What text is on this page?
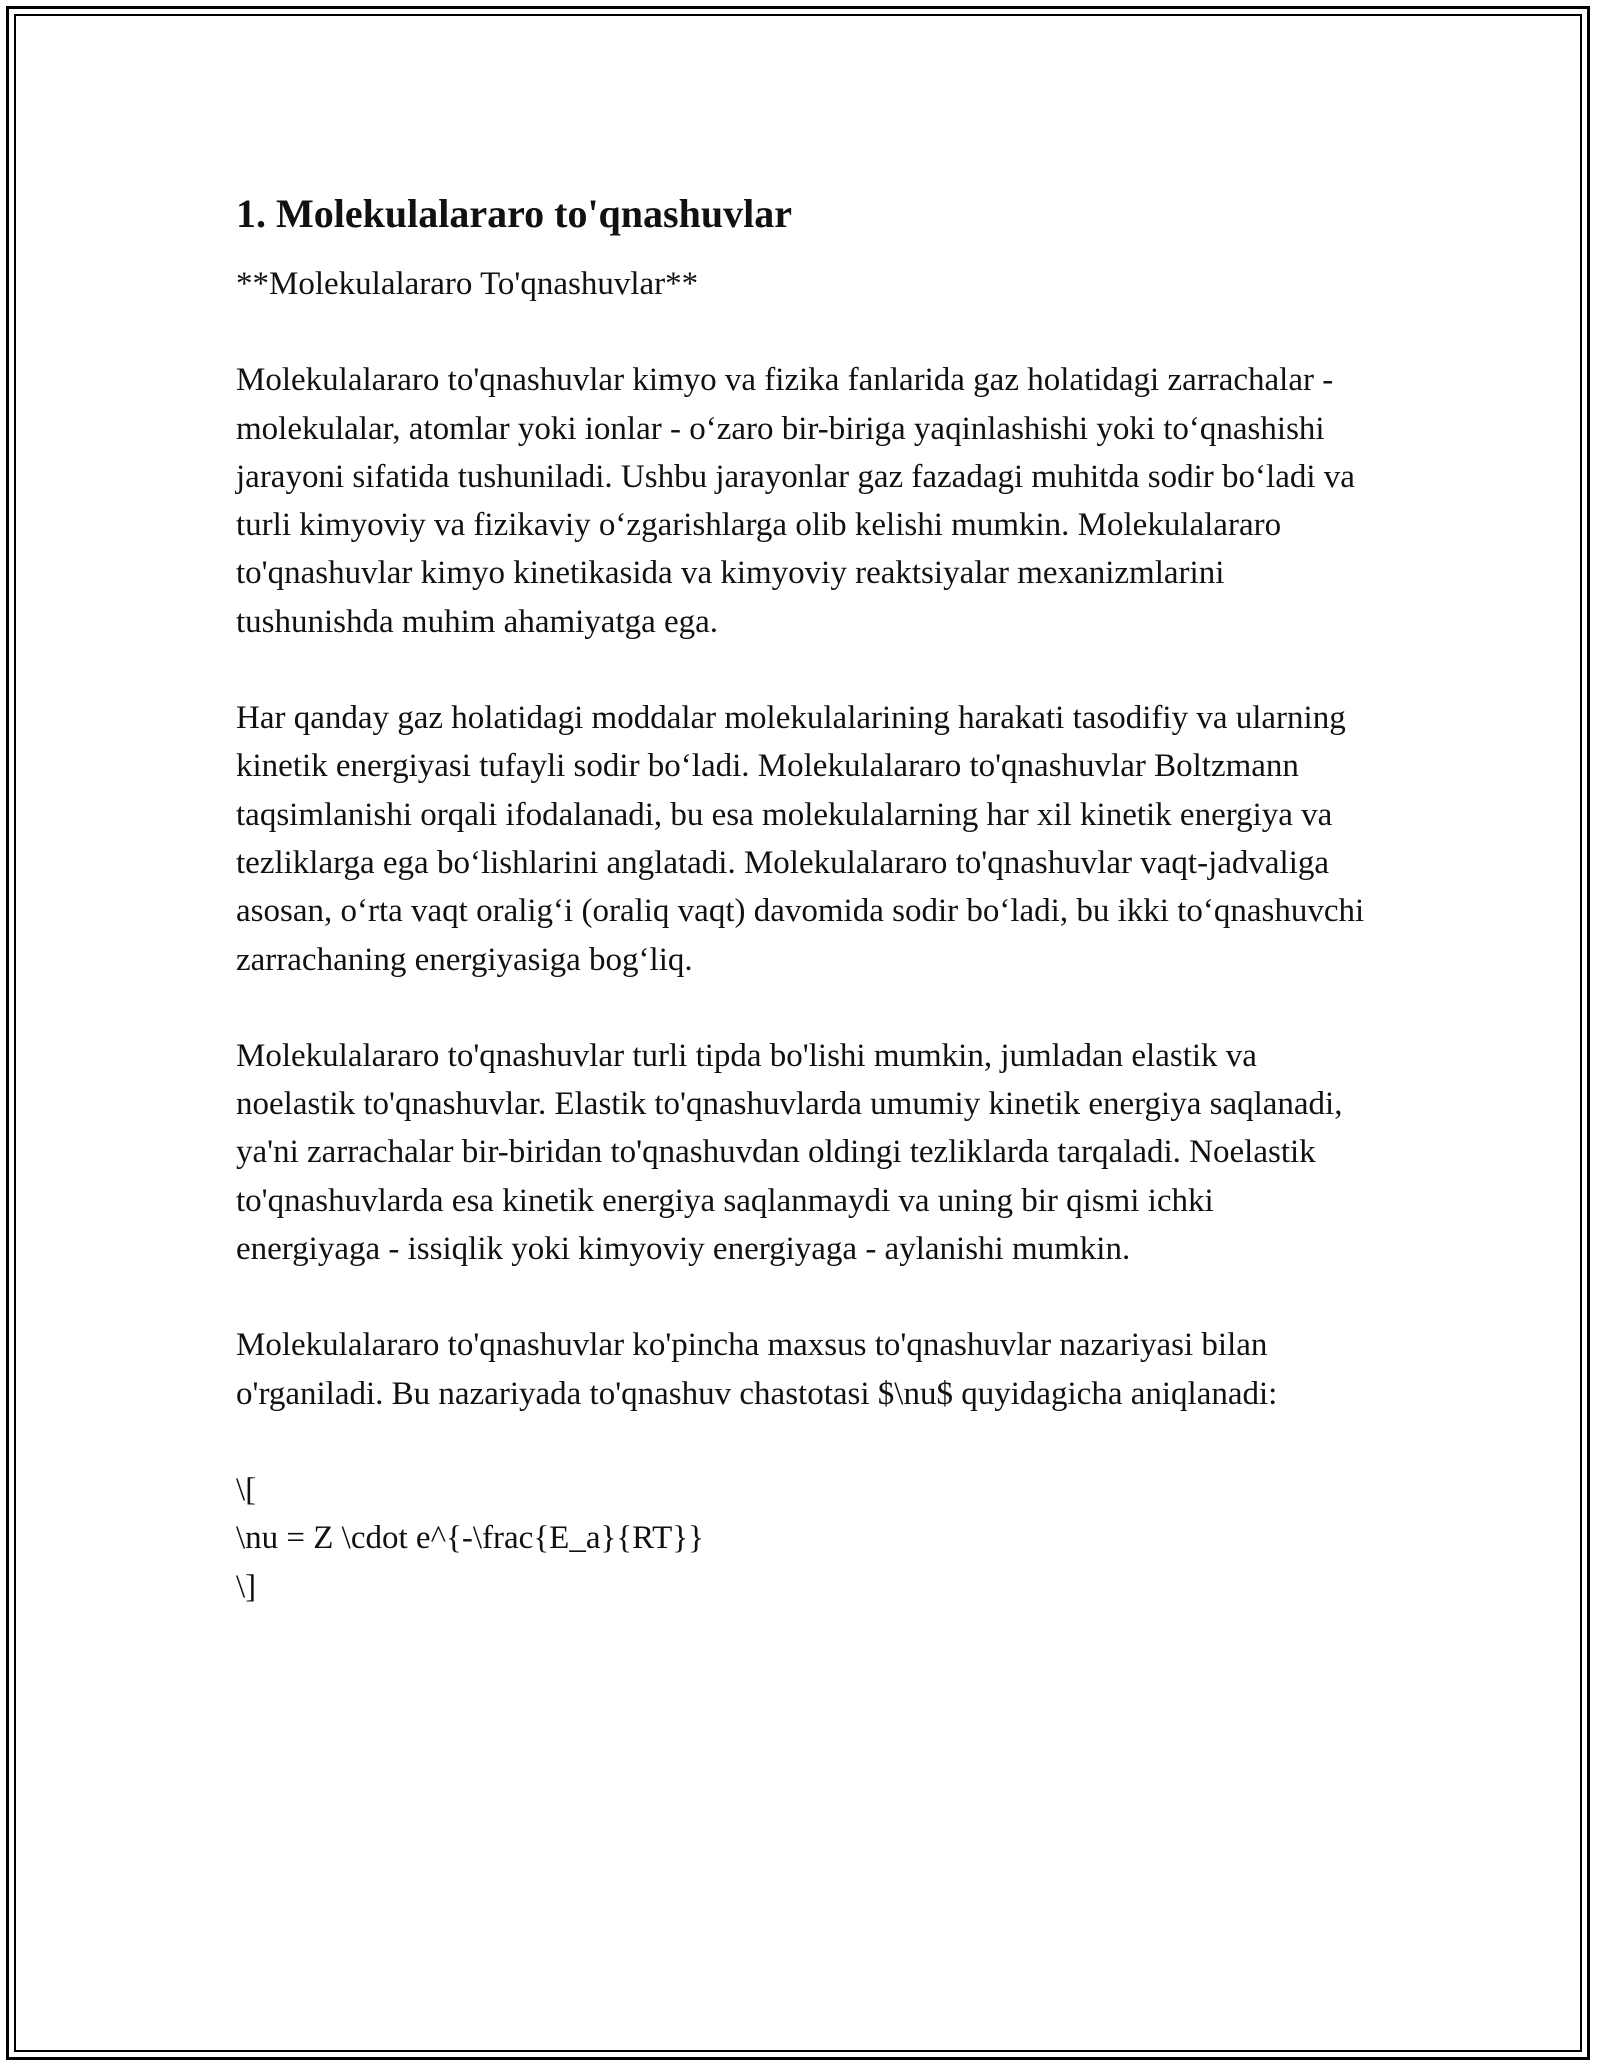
1. Molekulalararo to'qnashuvlar

**Molekulalararo To'qnashuvlar**

Molekulalararo to'qnashuvlar kimyo va fizika fanlarida gaz holatidagi zarrachalar - molekulalar, atomlar yoki ionlar - o‘zaro bir-biriga yaqinlashishi yoki to‘qnashishi jarayoni sifatida tushuniladi. Ushbu jarayonlar gaz fazadagi muhitda sodir bo‘ladi va turli kimyoviy va fizikaviy o‘zgarishlarga olib kelishi mumkin. Molekulalararo to'qnashuvlar kimyo kinetikasida va kimyoviy reaktsiyalar mexanizmlarini tushunishda muhim ahamiyatga ega.

Har qanday gaz holatidagi moddalar molekulalarining harakati tasodifiy va ularning kinetik energiyasi tufayli sodir bo‘ladi. Molekulalararo to'qnashuvlar Boltzmann taqsimlanishi orqali ifodalanadi, bu esa molekulalarning har xil kinetik energiya va tezliklarga ega bo‘lishlarini anglatadi. Molekulalararo to'qnashuvlar vaqt-jadvaliga asosan, o‘rta vaqt oralig‘i (oraliq vaqt) davomida sodir bo‘ladi, bu ikki to‘qnashuvchi zarrachaning energiyasiga bog‘liq.

Molekulalararo to'qnashuvlar turli tipda bo'lishi mumkin, jumladan elastik va noelastik to'qnashuvlar. Elastik to'qnashuvlarda umumiy kinetik energiya saqlanadi, ya'ni zarrachalar bir-biridan to'qnashuvdan oldingi tezliklarda tarqaladi. Noelastik to'qnashuvlarda esa kinetik energiya saqlanmaydi va uning bir qismi ichki energiyaga - issiqlik yoki kimyoviy energiyaga - aylanishi mumkin.

Molekulalararo to'qnashuvlar ko'pincha maxsus to'qnashuvlar nazariyasi bilan o'rganiladi. Bu nazariyada to'qnashuv chastotasi $\nu$ quyidagicha aniqlanadi:

\[

\nu = Z \cdot e^{-\frac{E_a}{RT}}

\]
